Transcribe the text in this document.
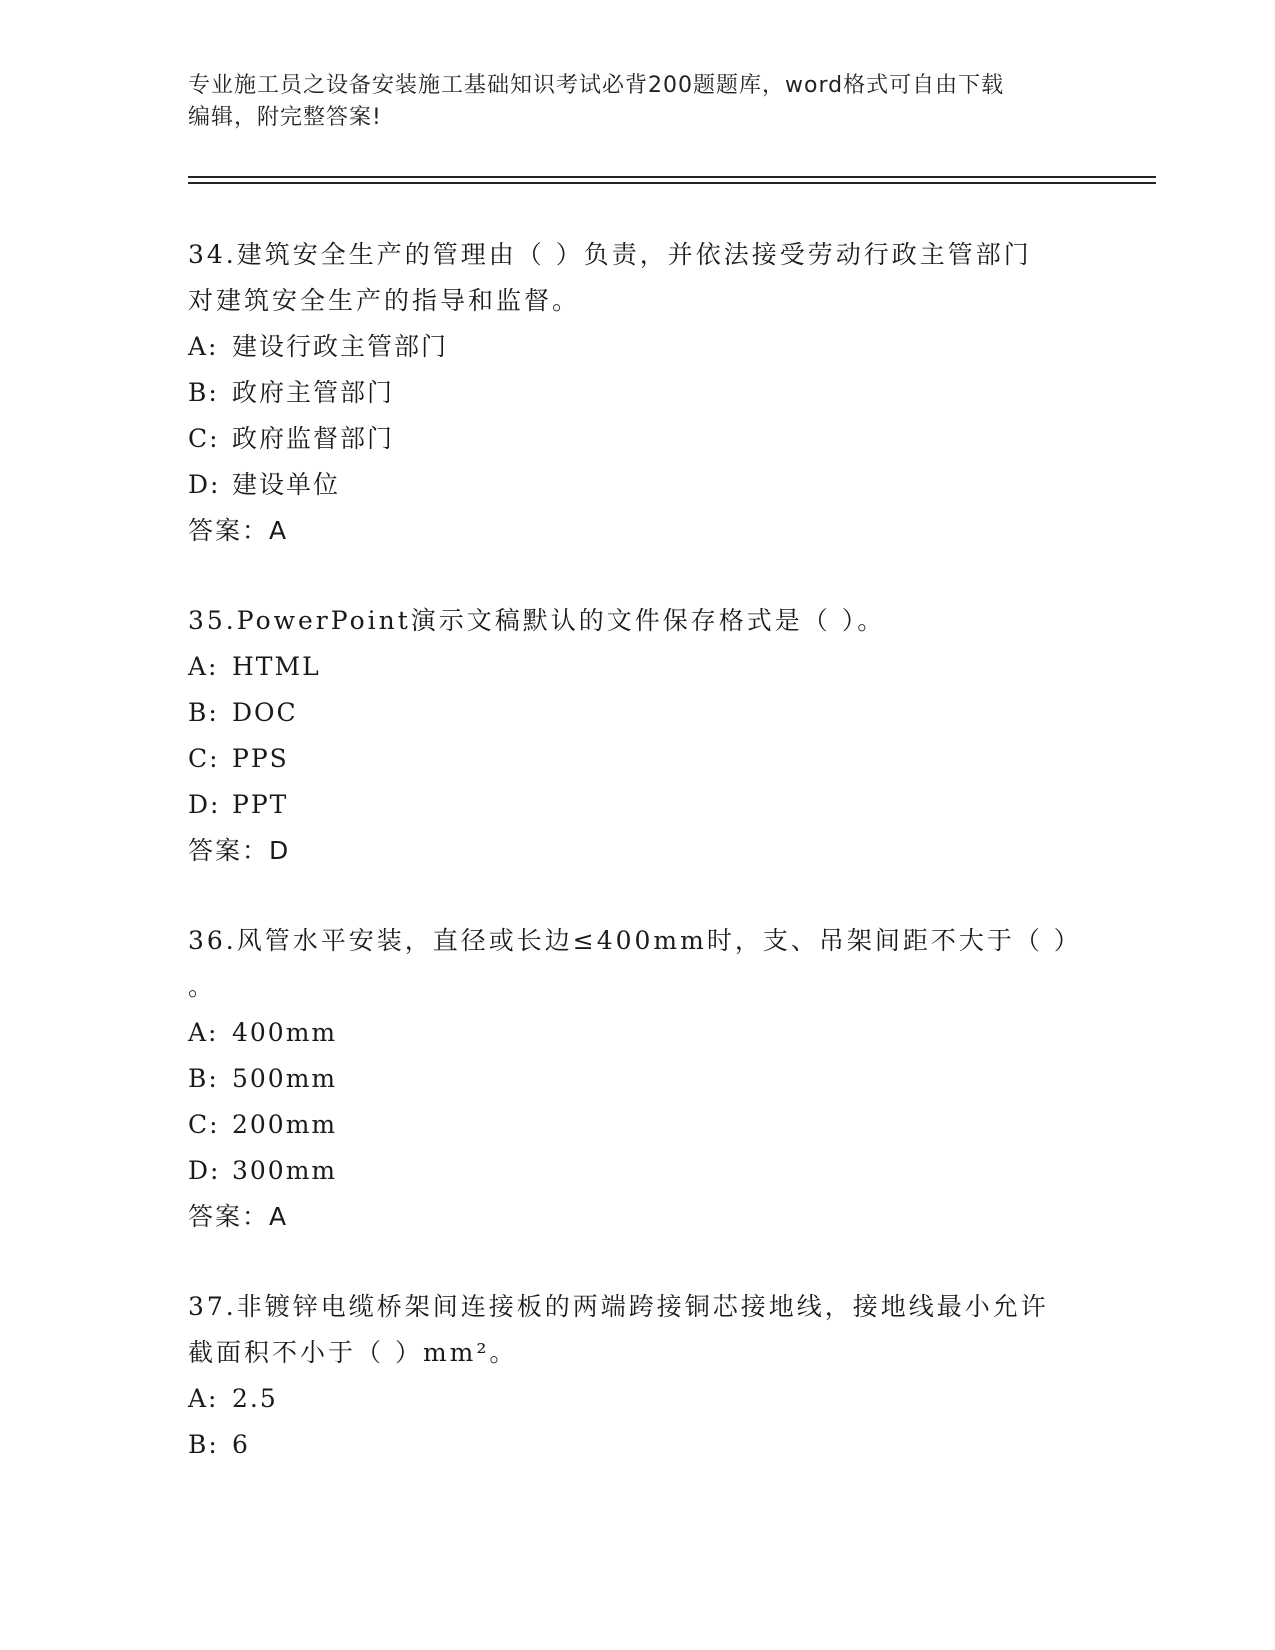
专业施工员之设备安装施工基础知识考试必背200题题库，word格式可自由下载
编辑，附完整答案!

34.建筑安全生产的管理由（ ）负责，并依法接受劳动行政主管部门

对建筑安全生产的指导和监督。

A: 建设行政主管部门

B: 政府主管部门

C: 政府监督部门

D: 建设单位

答案：A

35.PowerPoint演示文稿默认的文件保存格式是（ ）。

A: HTML

B: DOC

C: PPS

D: PPT

答案：D

36.风管水平安装，直径或长边≤400mm时，支、吊架间距不大于（ ）

。

A: 400mm

B: 500mm

C: 200mm

D: 300mm

答案：A

37.非镀锌电缆桥架间连接板的两端跨接铜芯接地线，接地线最小允许

截面积不小于（ ）mm²。

A: 2.5

B: 6
